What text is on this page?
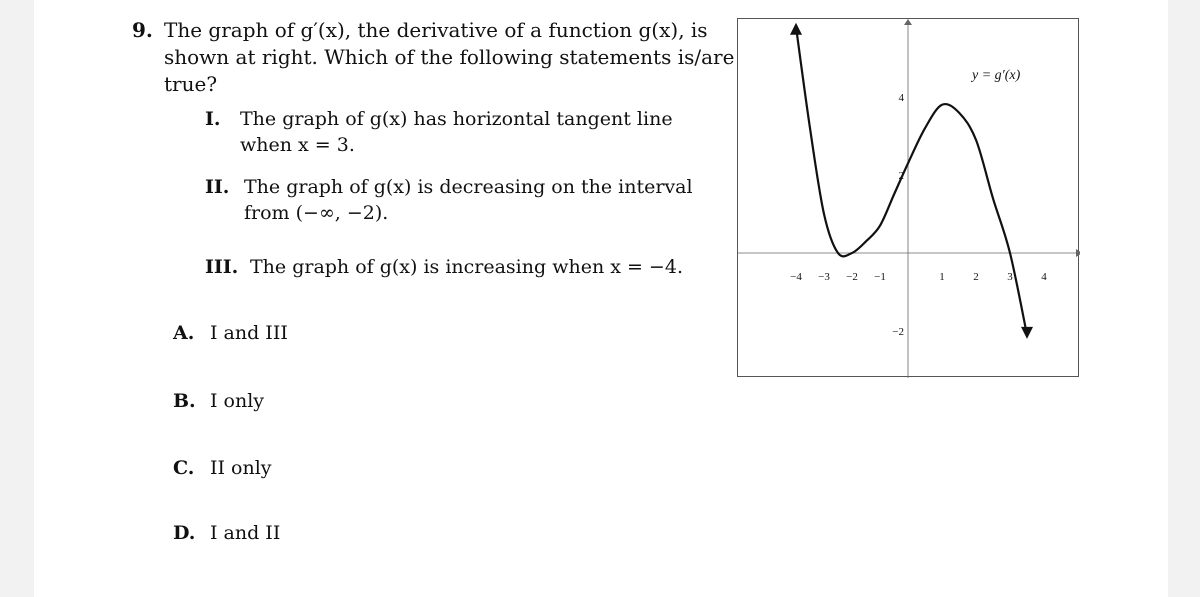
9. The graph of g′(x), the derivative of a function g(x), is
shown at right. Which of the following statements is/are
true?
I. The graph of g(x) has horizontal tangent line
when x = 3.
II. The graph of g(x) is decreasing on the interval
from (−∞, −2).
III. The graph of g(x) is increasing when x = −4.
A. I and III
B. I only
C. II only
D. I and II
y = g′(x)
−4 −3 −2 −1	1	2	3	4
4
2
−2
